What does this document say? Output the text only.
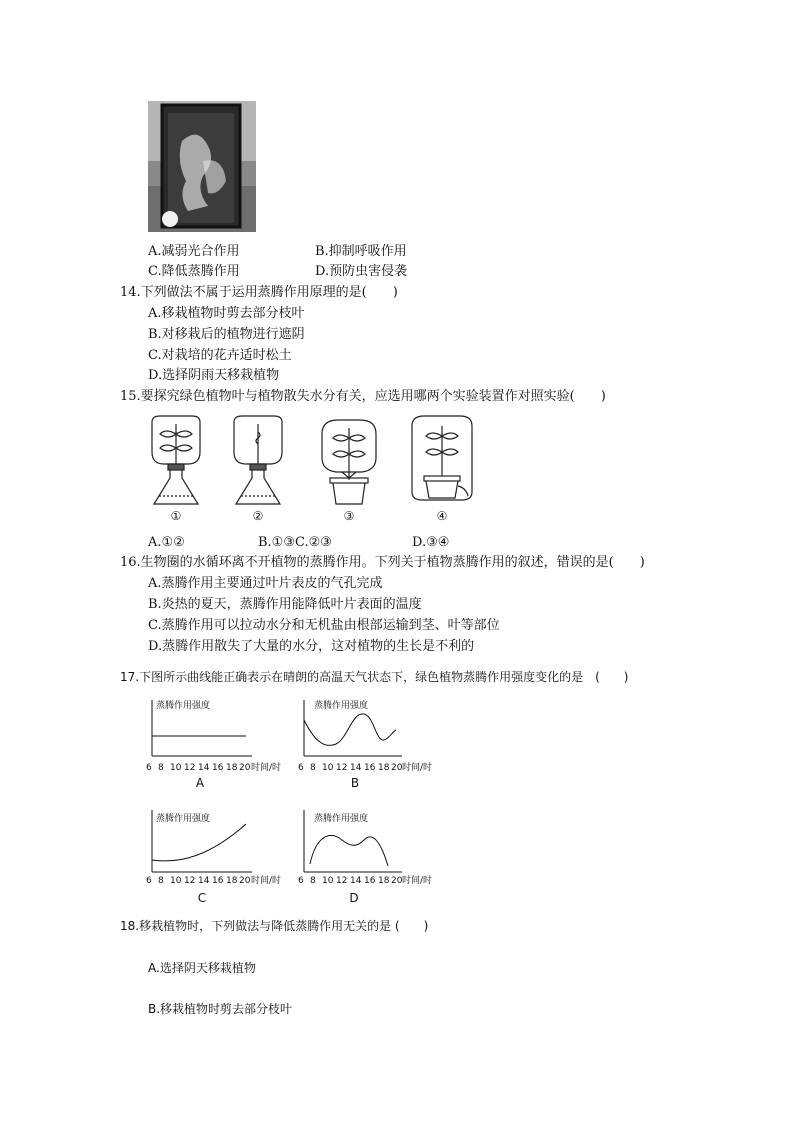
A.减弱光合作用	B.抑制呼吸作用
C.降低蒸腾作用	D.预防虫害侵袭
14.下列做法不属于运用蒸腾作用原理的是(　　)
A.移栽植物时剪去部分枝叶
B.对移栽后的植物进行遮阴
C.对栽培的花卉适时松土
D.选择阴雨天移栽植物
15.要探究绿色植物叶与植物散失水分有关，应选用哪两个实验装置作对照实验(　　)
①	②	③	④
A.①②	B.①③C.②③	D.③④
16.生物圈的水循环离不开植物的蒸腾作用。下列关于植物蒸腾作用的叙述，错误的是(　　)
A.蒸腾作用主要通过叶片表皮的气孔完成
B.炎热的夏天，蒸腾作用能降低叶片表面的温度
C.蒸腾作用可以拉动水分和无机盐由根部运输到茎、叶等部位
D.蒸腾作用散失了大量的水分，这对植物的生长是不利的
17.下图所示曲线能正确表示在晴朗的高温天气状态下，绿色植物蒸腾作用强度变化的是　(　　)
蒸腾作用强度
6 8 10 12 14 16 18 20 时间/时
A
蒸腾作用强度
6 8 10 12 14 16 18 20 时间/时
B
蒸腾作用强度
6 8 10 12 14 16 18 20 时间/时
C
蒸腾作用强度
6 8 10 12 14 16 18 20 时间/时
D
18.移栽植物时，下列做法与降低蒸腾作用无关的是 (　　)
A.选择阴天移栽植物
B.移栽植物时剪去部分枝叶
